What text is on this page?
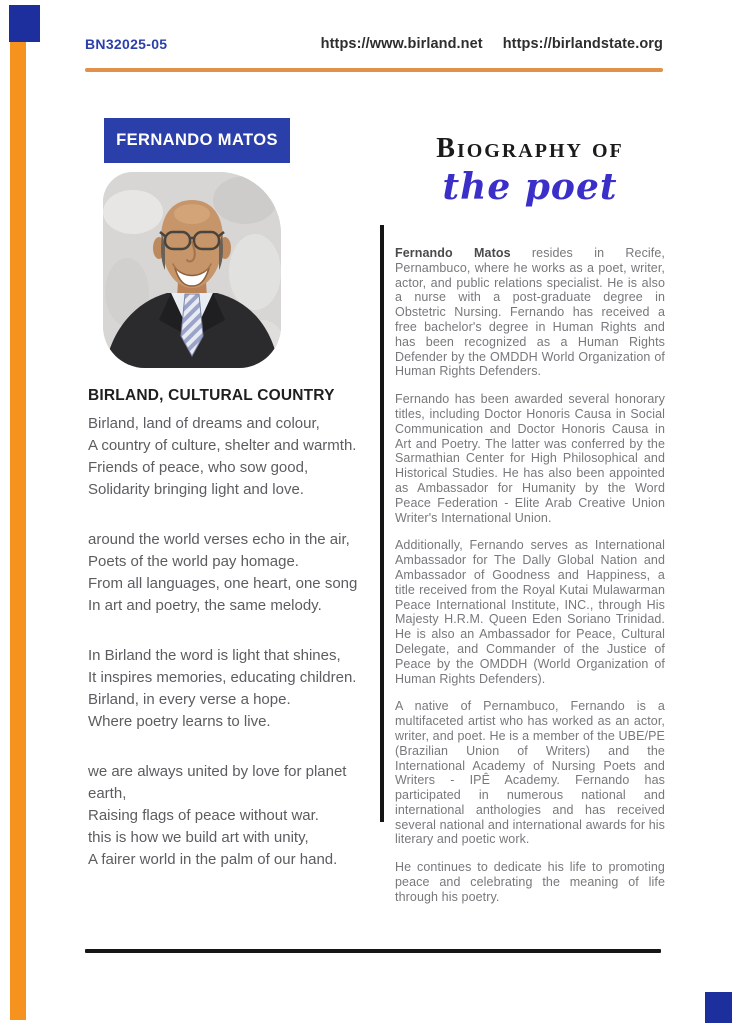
BN32025-05	https://www.birland.net https://birlandstate.org
FERNANDO MATOS
BIRLAND, CULTURAL COUNTRY
Birland, land of dreams and colour,
A country of culture, shelter and warmth.
Friends of peace, who sow good,
Solidarity bringing light and love.
around the world verses echo in the air,
Poets of the world pay homage.
From all languages, one heart, one song
In art and poetry, the same melody.
In Birland the word is light that shines,
It inspires memories, educating children.
Birland, in every verse a hope.
Where poetry learns to live.
we are always united by love for planet earth,
Raising flags of peace without war.
this is how we build art with unity,
A fairer world in the palm of our hand.
Biography of
the poet

Fernando Matos resides in Recife, Pernambuco, where he works as a poet, writer, actor, and public relations specialist. He is also a nurse with a post-graduate degree in Obstetric Nursing. Fernando has received a free bachelor's degree in Human Rights and has been recognized as a Human Rights Defender by the OMDDH World Organization of Human Rights Defenders.

Fernando has been awarded several honorary titles, including Doctor Honoris Causa in Social Communication and Doctor Honoris Causa in Art and Poetry. The latter was conferred by the Sarmathian Center for High Philosophical and Historical Studies. He has also been appointed as Ambassador for Humanity by the Word Peace Federation - Elite Arab Creative Union Writer's International Union.

Additionally, Fernando serves as International Ambassador for The Dally Global Nation and Ambassador of Goodness and Happiness, a title received from the Royal Kutai Mulawarman Peace International Institute, INC., through His Majesty H.R.M. Queen Eden Soriano Trinidad. He is also an Ambassador for Peace, Cultural Delegate, and Commander of the Justice of Peace by the OMDDH (World Organization of Human Rights Defenders).

A native of Pernambuco, Fernando is a multifaceted artist who has worked as an actor, writer, and poet. He is a member of the UBE/PE (Brazilian Union of Writers) and the International Academy of Nursing Poets and Writers - IPÊ Academy. Fernando has participated in numerous national and international anthologies and has received several national and international awards for his literary and poetic work.

He continues to dedicate his life to promoting peace and celebrating the meaning of life through his poetry.
